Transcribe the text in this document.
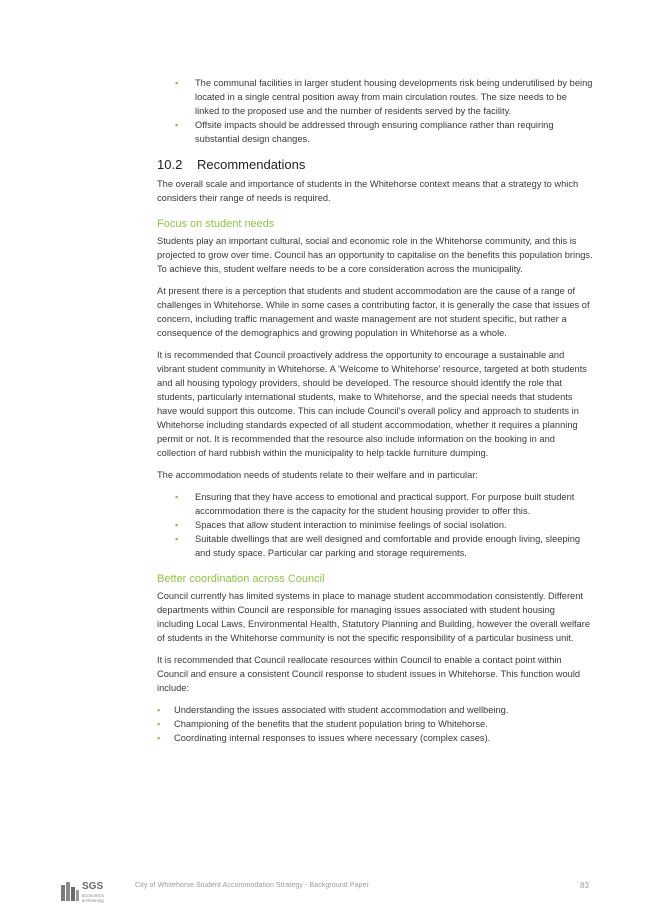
▪ The communal facilities in larger student housing developments risk being underutilised by being located in a single central position away from main circulation routes. The size needs to be linked to the proposed use and the number of residents served by the facility.
▪ Offsite impacts should be addressed through ensuring compliance rather than requiring substantial design changes.
10.2 Recommendations

The overall scale and importance of students in the Whitehorse context means that a strategy to which considers their range of needs is required.

Focus on student needs

Students play an important cultural, social and economic role in the Whitehorse community, and this is projected to grow over time. Council has an opportunity to capitalise on the benefits this population brings. To achieve this, student welfare needs to be a core consideration across the municipality.

At present there is a perception that students and student accommodation are the cause of a range of challenges in Whitehorse. While in some cases a contributing factor, it is generally the case that issues of concern, including traffic management and waste management are not student specific, but rather a consequence of the demographics and growing population in Whitehorse as a whole.

It is recommended that Council proactively address the opportunity to encourage a sustainable and vibrant student community in Whitehorse. A ‘Welcome to Whitehorse’ resource, targeted at both students and all housing typology providers, should be developed. The resource should identify the role that students, particularly international students, make to Whitehorse, and the special needs that students have would support this outcome. This can include Council’s overall policy and approach to students in Whitehorse including standards expected of all student accommodation, whether it requires a planning permit or not. It is recommended that the resource also include information on the booking in and collection of hard rubbish within the municipality to help tackle furniture dumping.

The accommodation needs of students relate to their welfare and in particular:

▪ Ensuring that they have access to emotional and practical support. For purpose built student accommodation there is the capacity for the student housing provider to offer this.
▪ Spaces that allow student interaction to minimise feelings of social isolation.
▪ Suitable dwellings that are well designed and comfortable and provide enough living, sleeping and study space. Particular car parking and storage requirements.
Better coordination across Council

Council currently has limited systems in place to manage student accommodation consistently. Different departments within Council are responsible for managing issues associated with student housing including Local Laws, Environmental Health, Statutory Planning and Building, however the overall welfare of students in the Whitehorse community is not the specific responsibility of a particular business unit.

It is recommended that Council reallocate resources within Council to enable a contact point within Council and ensure a consistent Council response to student issues in Whitehorse. This function would include:

▪ Understanding the issues associated with student accommodation and wellbeing.
▪ Championing of the benefits that the student population bring to Whitehorse.
▪ Coordinating internal responses to issues where necessary (complex cases).
SGS
Economics
& Planning
City of Whitehorse Student Accommodation Strategy - Background Paper	83
